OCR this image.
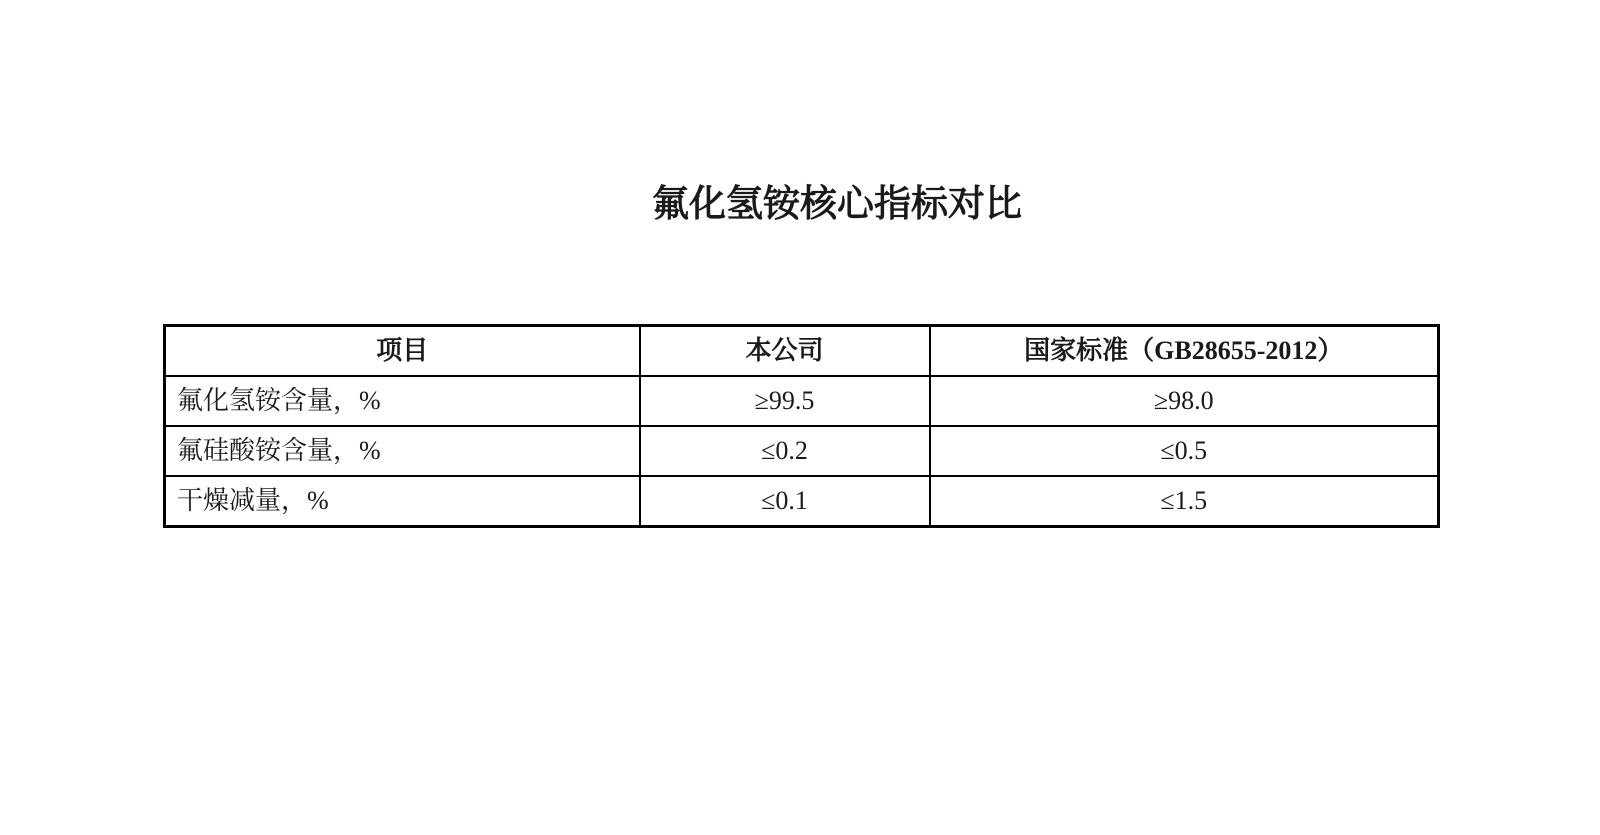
氟化氢铵核心指标对比
项目	本公司	国家标准（GB28655-2012）
氟化氢铵含量，%	≥99.5	≥98.0
氟硅酸铵含量，%	≤0.2	≤0.5
干燥减量，%	≤0.1	≤1.5
